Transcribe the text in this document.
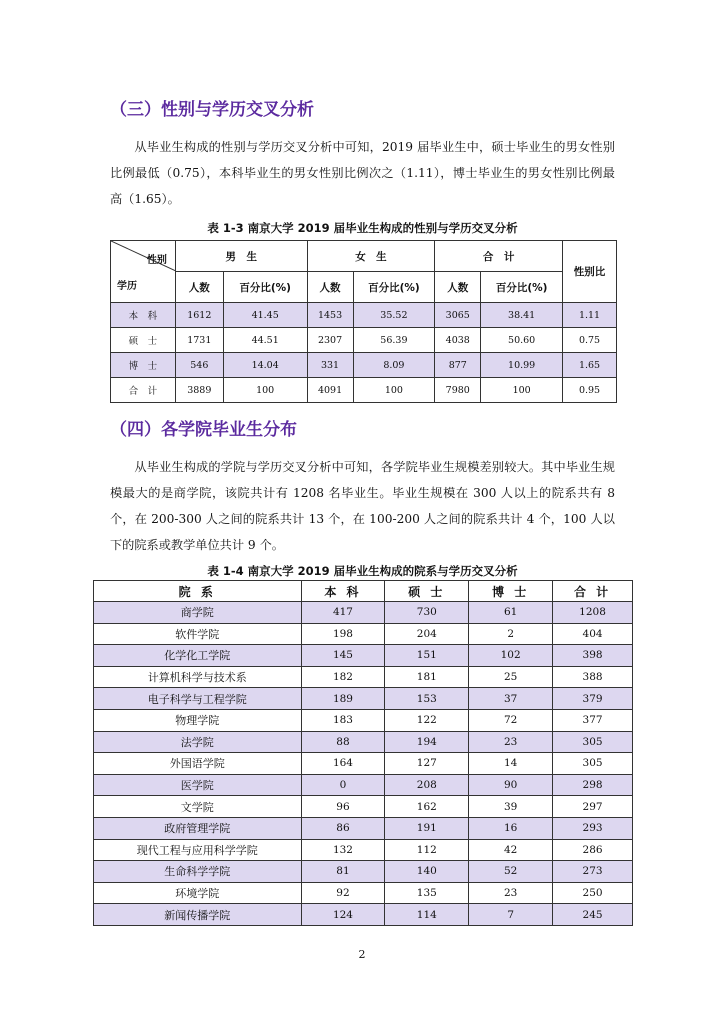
（三）性别与学历交叉分析

从毕业生构成的性别与学历交叉分析中可知，2019 届毕业生中，硕士毕业生的男女性别比例最低（0.75），本科毕业生的男女性别比例次之（1.11），博士毕业生的男女性别比例最高（1.65）。

表 1-3 南京大学 2019 届毕业生构成的性别与学历交叉分析
性别
学历	男　生		女　生		合　计		性别比
	人数	百分比(%)	人数	百分比(%)	人数	百分比(%)	
本　科	1612	41.45	1453	35.52	3065	38.41	1.11
硕　士	1731	44.51	2307	56.39	4038	50.60	0.75
博　士	546	14.04	331	8.09	877	10.99	1.65
合　计	3889	100	4091	100	7980	100	0.95
（四）各学院毕业生分布

从毕业生构成的学院与学历交叉分析中可知，各学院毕业生规模差别较大。其中毕业生规模最大的是商学院，该院共计有 1208 名毕业生。毕业生规模在 300 人以上的院系共有 8 个，在 200-300 人之间的院系共计 13 个，在 100-200 人之间的院系共计 4 个，100 人以下的院系或教学单位共计 9 个。

表 1-4 南京大学 2019 届毕业生构成的院系与学历交叉分析
院 系	本 科	硕 士	博 士	合 计
商学院	417	730	61	1208
软件学院	198	204	2	404
化学化工学院	145	151	102	398
计算机科学与技术系	182	181	25	388
电子科学与工程学院	189	153	37	379
物理学院	183	122	72	377
法学院	88	194	23	305
外国语学院	164	127	14	305
医学院	0	208	90	298
文学院	96	162	39	297
政府管理学院	86	191	16	293
现代工程与应用科学学院	132	112	42	286
生命科学学院	81	140	52	273
环境学院	92	135	23	250
新闻传播学院	124	114	7	245
2
